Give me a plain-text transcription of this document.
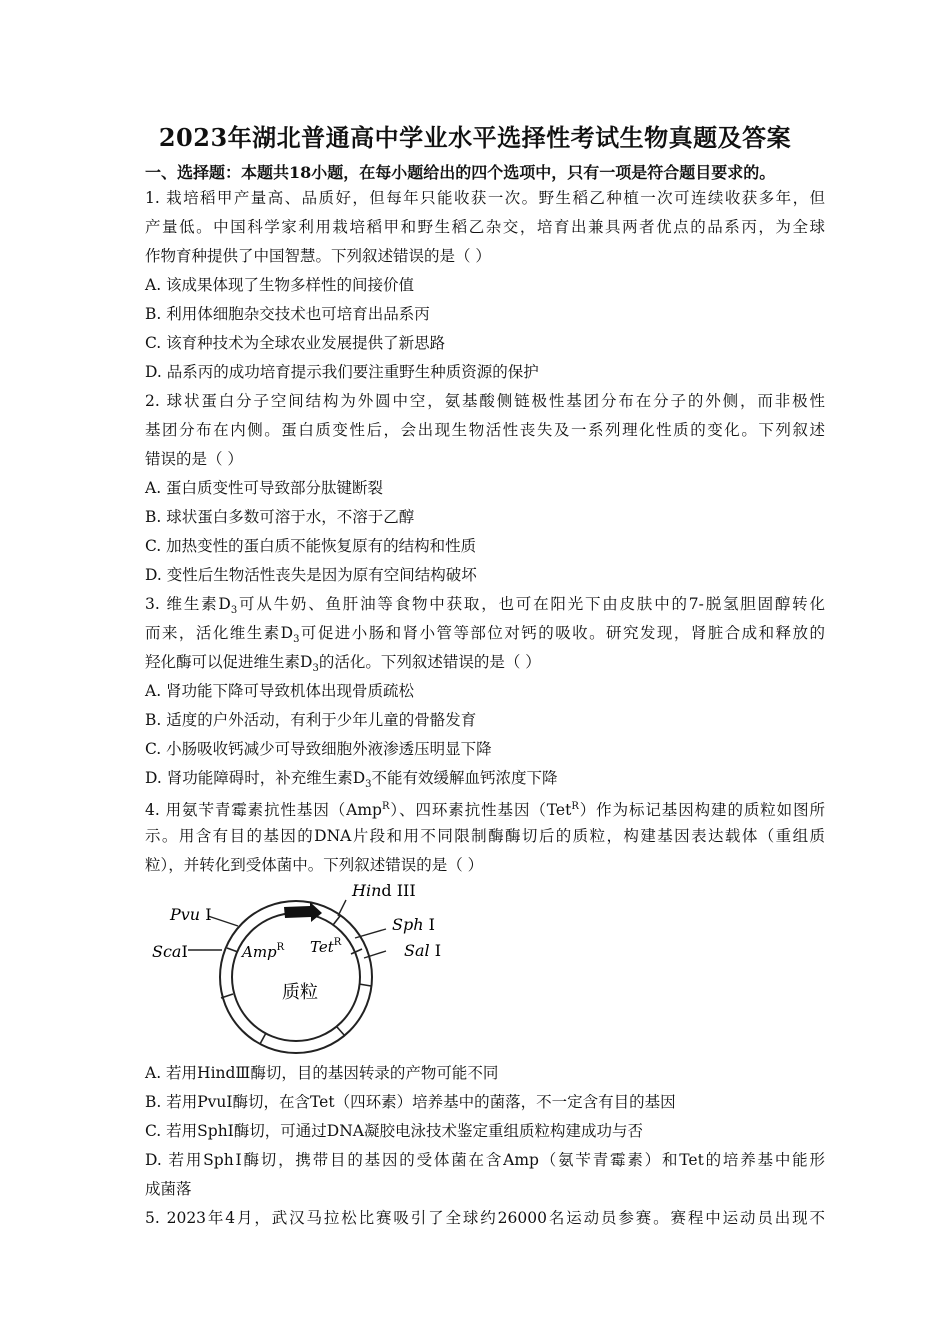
2023年湖北普通高中学业水平选择性考试生物真题及答案
一、选择题：本题共18小题，在每小题给出的四个选项中，只有一项是符合题目要求的。
1. 栽培稻甲产量高、品质好，但每年只能收获一次。野生稻乙种植一次可连续收获多年，但
产量低。中国科学家利用栽培稻甲和野生稻乙杂交，培育出兼具两者优点的品系丙，为全球
作物育种提供了中国智慧。下列叙述错误的是（ ）
A. 该成果体现了生物多样性的间接价值
B. 利用体细胞杂交技术也可培育出品系丙
C. 该育种技术为全球农业发展提供了新思路
D. 品系丙的成功培育提示我们要注重野生种质资源的保护
2. 球状蛋白分子空间结构为外圆中空，氨基酸侧链极性基团分布在分子的外侧，而非极性
基团分布在内侧。蛋白质变性后，会出现生物活性丧失及一系列理化性质的变化。下列叙述
错误的是（ ）
A. 蛋白质变性可导致部分肽键断裂
B. 球状蛋白多数可溶于水，不溶于乙醇
C. 加热变性的蛋白质不能恢复原有的结构和性质
D. 变性后生物活性丧失是因为原有空间结构破坏
3. 维生素$D_3$可从牛奶、鱼肝油等食物中获取，也可在阳光下由皮肤中的7-脱氢胆固醇转化
而来，活化维生素$D_3$可促进小肠和肾小管等部位对钙的吸收。研究发现，肾脏合成和释放的
羟化酶可以促进维生素$D_3$的活化。下列叙述错误的是（ ）
A. 肾功能下降可导致机体出现骨质疏松
B. 适度的户外活动，有利于少年儿童的骨骼发育
C. 小肠吸收钙减少可导致细胞外液渗透压明显下降
D. 肾功能障碍时，补充维生素$D_3$不能有效缓解血钙浓度下降
4. 用氨苄青霉素抗性基因（Amp$^R$）、四环素抗性基因（Tet$^R$）作为标记基因构建的质粒如图所
示。用含有目的基因的DNA片段和用不同限制酶酶切后的质粒，构建基因表达载体（重组质
粒），并转化到受体菌中。下列叙述错误的是（ ）
Pvu I
ScaI
Hind III
Sph I
Sal I
Amp$^R$ Tet$^R$
质粒
A. 若用HindⅢ酶切，目的基因转录的产物可能不同
B. 若用PvuⅠ酶切，在含Tet（四环素）培养基中的菌落，不一定含有目的基因
C. 若用SphⅠ酶切，可通过DNA凝胶电泳技术鉴定重组质粒构建成功与否
D. 若用SphⅠ酶切，携带目的基因的受体菌在含Amp（氨苄青霉素）和Tet的培养基中能形
成菌落
5. 2023年4月，武汉马拉松比赛吸引了全球约26000名运动员参赛。赛程中运动员出现不
